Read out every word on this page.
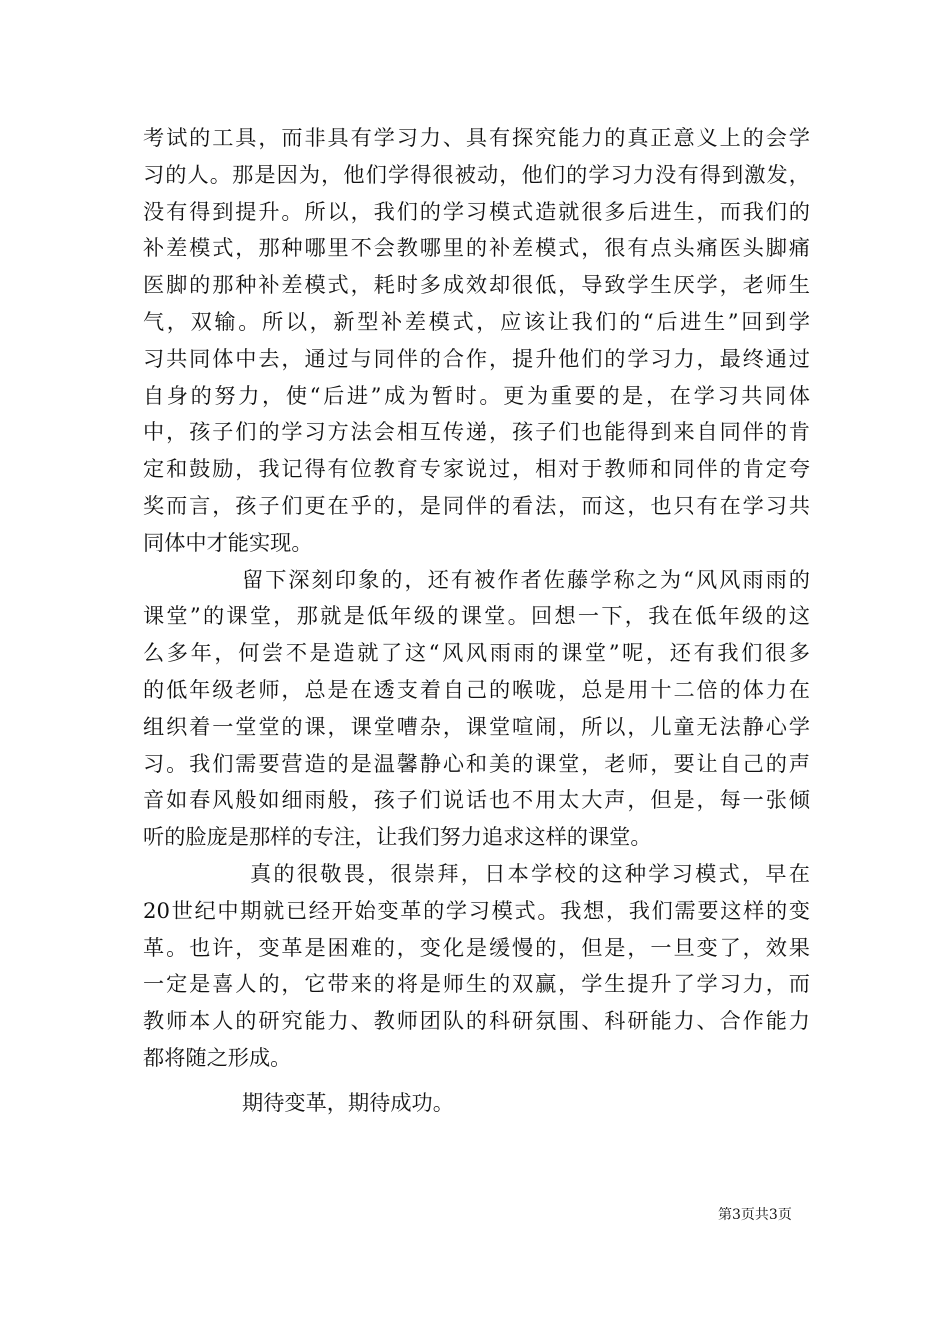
考试的工具，而非具有学习力、具有探究能力的真正意义上的会学
习的人。那是因为，他们学得很被动，他们的学习力没有得到激发，
没有得到提升。所以，我们的学习模式造就很多后进生，而我们的
补差模式，那种哪里不会教哪里的补差模式，很有点头痛医头脚痛
医脚的那种补差模式，耗时多成效却很低，导致学生厌学，老师生
气，双输。所以，新型补差模式，应该让我们的“后进生”回到学
习共同体中去，通过与同伴的合作，提升他们的学习力，最终通过
自身的努力，使“后进”成为暂时。更为重要的是，在学习共同体
中，孩子们的学习方法会相互传递，孩子们也能得到来自同伴的肯
定和鼓励，我记得有位教育专家说过，相对于教师和同伴的肯定夸
奖而言，孩子们更在乎的，是同伴的看法，而这，也只有在学习共
同体中才能实现。
留下深刻印象的，还有被作者佐藤学称之为“风风雨雨的
课堂”的课堂，那就是低年级的课堂。回想一下，我在低年级的这
么多年，何尝不是造就了这“风风雨雨的课堂”呢，还有我们很多
的低年级老师，总是在透支着自己的喉咙，总是用十二倍的体力在
组织着一堂堂的课，课堂嘈杂，课堂喧闹，所以，儿童无法静心学
习。我们需要营造的是温馨静心和美的课堂，老师，要让自己的声
音如春风般如细雨般，孩子们说话也不用太大声，但是，每一张倾
听的脸庞是那样的专注，让我们努力追求这样的课堂。
真的很敬畏，很崇拜，日本学校的这种学习模式，早在
20世纪中期就已经开始变革的学习模式。我想，我们需要这样的变
革。也许，变革是困难的，变化是缓慢的，但是，一旦变了，效果
一定是喜人的，它带来的将是师生的双赢，学生提升了学习力，而
教师本人的研究能力、教师团队的科研氛围、科研能力、合作能力
都将随之形成。
期待变革，期待成功。
第3页共3页
